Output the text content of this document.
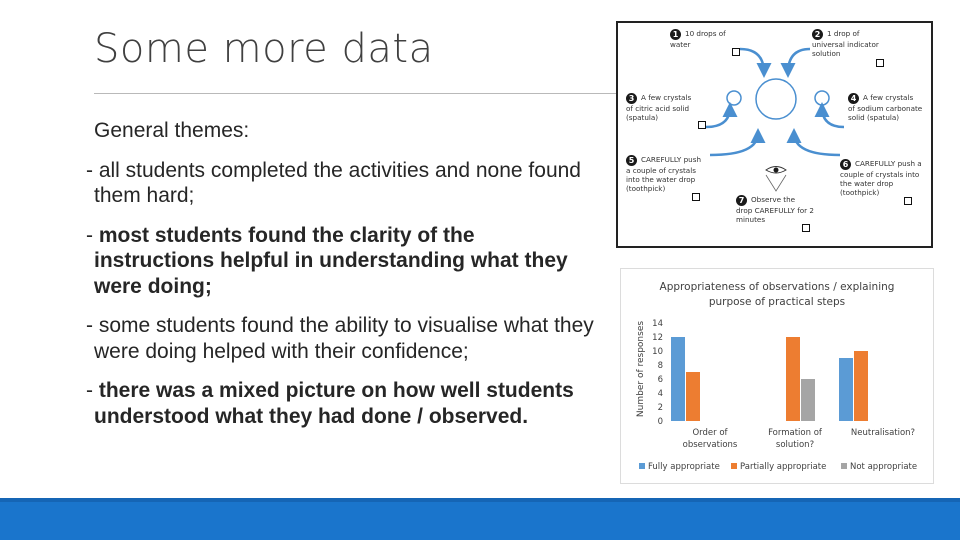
Some more data
General themes:
- all students completed the activities and none found them hard;
- most students found the clarity of the instructions helpful in understanding what they were doing;
- some students found the ability to visualise what they were doing helped with their confidence;
- there was a mixed picture on how well students understood what they had done / observed.
1 10 drops of
water
2 1 drop of
universal indicator
solution
3 A few crystals
of citric acid solid
(spatula)
4 A few crystals
of sodium carbonate
solid (spatula)
5 CAREFULLY push
a couple of crystals
into the water drop
(toothpick)
6 CAREFULLY push a
couple of crystals into
the water drop
(toothpick)
7 Observe the
drop CAREFULLY for 2
minutes
Appropriateness of observations / explaining
purpose of practical steps
Number of responses
0
2
4
6
8
10
12
14
Order of
observations
Formation of
solution?
Neutralisation?
Fully appropriate Partially appropriate	Not appropriate
